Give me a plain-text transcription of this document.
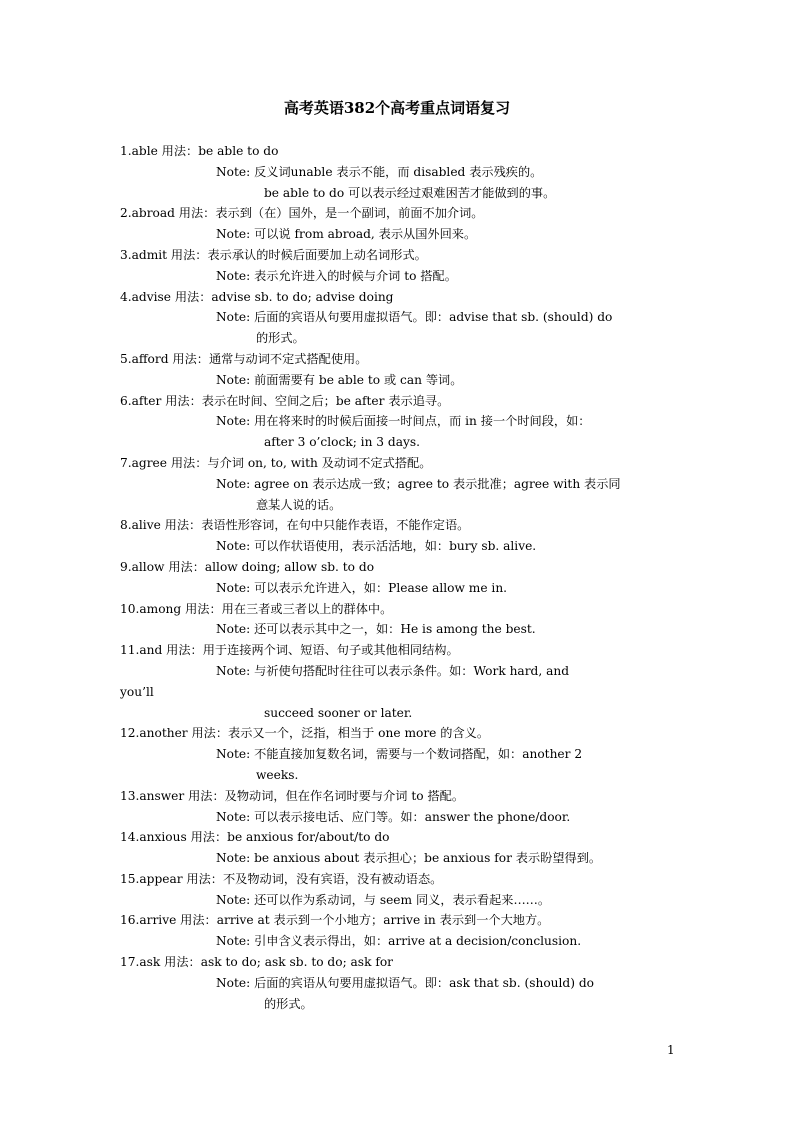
高考英语382个高考重点词语复习
1.able 用法：be able to do
Note: 反义词unable 表示不能，而 disabled 表示残疾的。
be able to do 可以表示经过艰难困苦才能做到的事。
2.abroad 用法：表示到（在）国外，是一个副词，前面不加介词。
Note: 可以说 from abroad, 表示从国外回来。
3.admit 用法：表示承认的时候后面要加上动名词形式。
Note: 表示允许进入的时候与介词 to 搭配。
4.advise 用法：advise sb. to do; advise doing
Note: 后面的宾语从句要用虚拟语气。即：advise that sb. (should) do
的形式。
5.afford 用法：通常与动词不定式搭配使用。
Note: 前面需要有 be able to 或 can 等词。
6.after 用法：表示在时间、空间之后；be after 表示追寻。
Note: 用在将来时的时候后面接一时间点，而 in 接一个时间段，如：
after 3 o’clock; in 3 days.
7.agree 用法：与介词 on, to, with 及动词不定式搭配。
Note: agree on 表示达成一致；agree to 表示批准；agree with 表示同
意某人说的话。
8.alive 用法：表语性形容词，在句中只能作表语，不能作定语。
Note: 可以作状语使用，表示活活地，如：bury sb. alive.
9.allow 用法：allow doing; allow sb. to do
Note: 可以表示允许进入，如：Please allow me in.
10.among 用法：用在三者或三者以上的群体中。
Note: 还可以表示其中之一，如：He is among the best.
11.and 用法：用于连接两个词、短语、句子或其他相同结构。
Note: 与祈使句搭配时往往可以表示条件。如：Work hard, and
you’ll
succeed sooner or later.
12.another 用法：表示又一个，泛指，相当于 one more 的含义。
Note: 不能直接加复数名词，需要与一个数词搭配，如：another 2
weeks.
13.answer 用法：及物动词，但在作名词时要与介词 to 搭配。
Note: 可以表示接电话、应门等。如：answer the phone/door.
14.anxious 用法：be anxious for/about/to do
Note: be anxious about 表示担心；be anxious for 表示盼望得到。
15.appear 用法：不及物动词，没有宾语，没有被动语态。
Note: 还可以作为系动词，与 seem 同义，表示看起来……。
16.arrive 用法：arrive at 表示到一个小地方；arrive in 表示到一个大地方。
Note: 引申含义表示得出，如：arrive at a decision/conclusion.
17.ask 用法：ask to do; ask sb. to do; ask for
Note: 后面的宾语从句要用虚拟语气。即：ask that sb. (should) do
的形式。
1
